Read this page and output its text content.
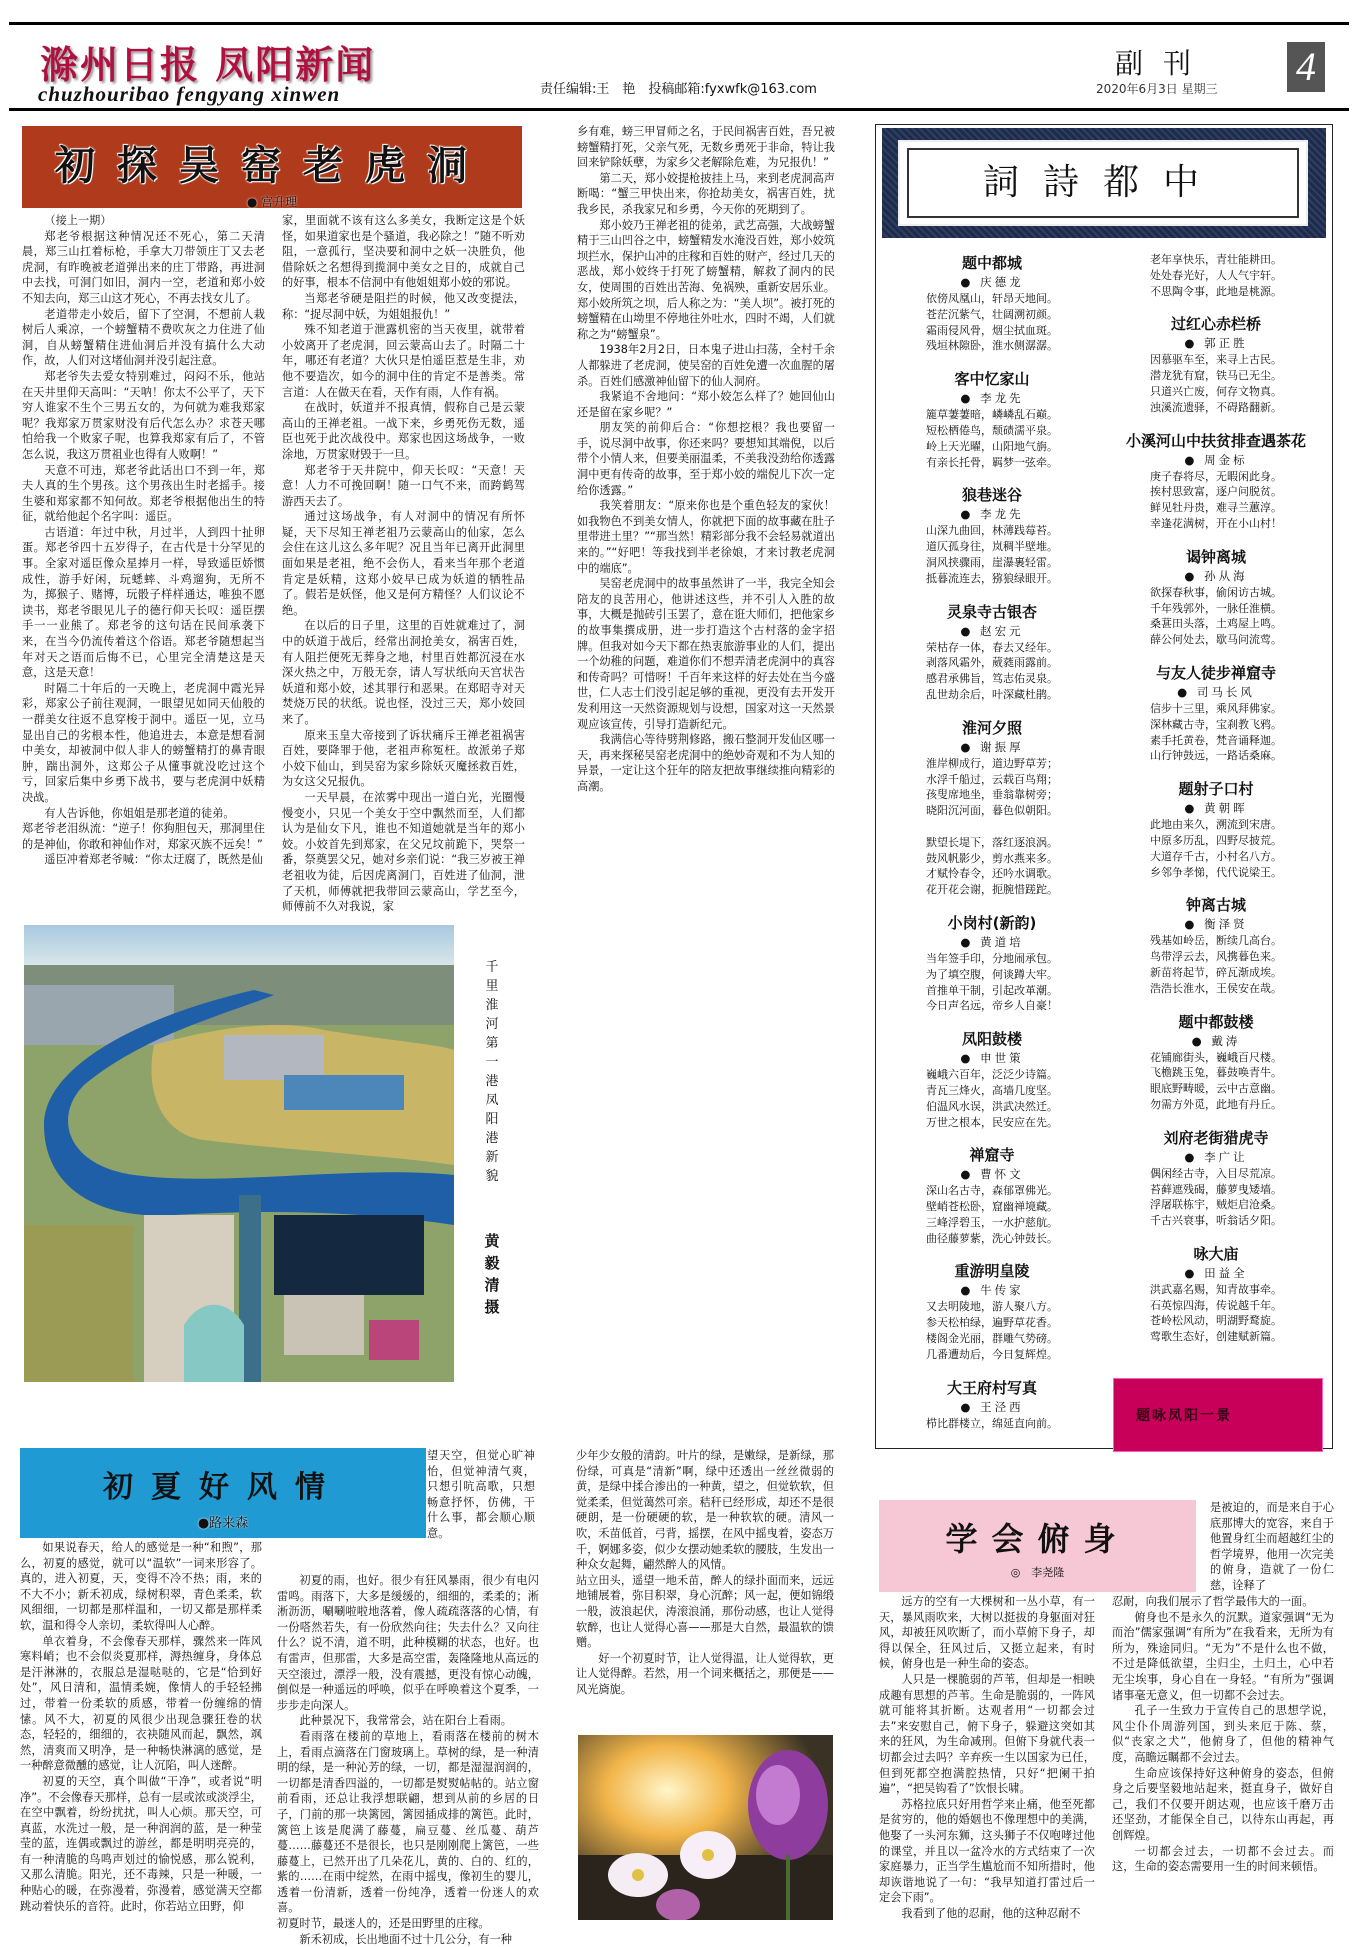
滁州日报 凤阳新闻
chuzhouribao fengyang xinwen	责任编辑:王　艳　投稿邮箱:fyxwfk@163.com
副刊
2020年6月3日 星期三 4
初探吴窑老虎洞
● 宫升理

（接上一期）

郑老爷根据这种情况还不死心，第二天清晨，郑三山扛着标枪，手拿大刀带领庄丁又去老虎洞，有昨晚被老道弹出来的庄丁带路，再进洞中去找，可洞门如旧，洞内一空，老道和郑小姣不知去向，郑三山这才死心，不再去找女儿了。

老道带走小姣后，留下了空洞，不想前人栽树后人乘凉，一个螃蟹精不费吹灰之力住进了仙洞，自从螃蟹精住进仙洞后并没有搞什么大动作，故，人们对这堵仙洞并没引起注意。

郑老爷失去爱女特别难过，闷闷不乐，他站在天井里仰天高叫：“天呐！你太不公平了，天下穷人谁家不生个三男五女的，为何就为难我郑家呢？我郑家万贯家财没有后代怎么办？求苍天哪怕给我一个败家子呢，也算我郑家有后了，不管怎么说，我这万贯祖业也得有人败啊！”

天意不可违，郑老爷此话出口不到一年，郑夫人真的生个男孩。这个男孩出生时老摇手。接生婆和郑家都不知何故。郑老爷根据他出生的特征，就给他起个名字叫：遥臣。

古语道：年过中秋，月过半，人到四十扯卵蛋。郑老爷四十五岁得子，在古代是十分罕见的事。全家对遥臣像众星捧月一样，导致遥臣娇惯成性，游手好闲，玩蟋蟀、斗鸡遛狗，无所不为，掷猴子、赌博，玩骰子样样通达，唯独不愿读书，郑老爷眼见儿子的德行仰天长叹：遥臣摆手一一业熊了。郑老爷的这句话在民间承袭下来，在当今仍流传着这个俗语。郑老爷随想起当年对天之语而后悔不已，心里完全清楚这是天意，这是天意！

时隔二十年后的一天晚上，老虎洞中霞光异彩，郑家公子前往观洞，一眼望见如同天仙般的一群美女往返不息穿梭于洞中。遥臣一见，立马显出自己的劣根本性，他追进去，本意是想看洞中美女，却被洞中似人非人的螃蟹精打的鼻青眼肿，踹出洞外，这郑公子从懂事就没吃过这个亏，回家后集中乡勇下战书，要与老虎洞中妖精决战。

有人告诉他，你姐姐是那老道的徒弟。

郑老爷老泪纵流：“逆子！你狗胆包天，那洞里住的是神仙，你敢和神仙作对，郑家灭族不远矣！”

遥臣冲着郑老爷喊：“你太迂腐了，既然是仙

家，里面就不该有这么多美女，我断定这是个妖怪，如果道家也是个骚道，我必除之！”随不听劝阻，一意孤行，坚决要和洞中之妖一决胜负，他借除妖之名想得到揽洞中美女之目的，成就自己的好事，根本不信洞中有他姐姐郑小姣的邪说。

当郑老爷硬是阻拦的时候，他又改变提法，称：“捉尽洞中妖，为姐姐报仇！”

殊不知老道于泄露机密的当天夜里，就带着小姣离开了老虎洞，回云蒙高山去了。时隔二十年，哪还有老道？大伙只是怕遥臣惹是生非，劝他不要造次，如今的洞中住的肯定不是善类。常言道：人在做天在看，天作有雨，人作有祸。

在战时，妖道并不报真情，假称自己是云蒙高山的王禅老祖。一战下来，乡勇死伤无数，遥臣也死于此次战役中。郑家也因这场战争，一败涂地，万贯家财毁于一旦。

郑老爷于天井院中，仰天长叹：“天意！天意！人力不可挽回啊！随一口气不来，而跨鹤驾游西天去了。

通过这场战争，有人对洞中的情况有所怀疑，天下尽知王禅老祖乃云蒙高山的仙家，怎么会住在这儿这么多年呢？况且当年已离开此洞里面如果是老祖，绝不会伤人，看来当年那个老道肯定是妖精，这郑小姣早已成为妖道的牺牲品了。假若是妖怪，他又是何方精怪？人们议论不绝。

在以后的日子里，这里的百姓就难过了，洞中的妖道于战后，经常出洞抢美女，祸害百姓，有人阻拦便死无葬身之地，村里百姓都沉浸在水深火热之中，万般无奈，请人写状纸向天宫状告妖道和郑小姣，述其罪行和恶果。在郑昭寺对天焚烧万民的状纸。说也怪，没过三天，郑小姣回来了。

原来玉皇大帝接到了诉状痛斥王禅老祖祸害百姓，要降罪于他，老祖声称冤枉。故派弟子郑小姣下仙山，到吴窑为家乡除妖灭魔拯救百姓，为女这父兄报仇。

一天早晨，在浓雾中现出一道白光，光圈慢慢变小，只见一个美女于空中飘然而至，人们都认为是仙女下凡，谁也不知道她就是当年的郑小姣。小姣首先到郑家，在父兄坟前跪下，哭祭一番，祭奠罢父兄，她对乡亲们说：“我三岁被王禅老祖收为徒，后因虎离洞门，百姓进了仙洞，泄了天机，师傅就把我带回云蒙高山，学艺至今，师傅前不久对我说，家

乡有难，螃三甲冒师之名，于民间祸害百姓，吾兄被螃蟹精打死，父亲气死，无数乡勇死于非命，特让我回来铲除妖孽，为家乡父老解除危难，为兄报仇！”

第二天，郑小姣提枪披挂上马，来到老虎洞高声断喝：“蟹三甲快出来，你抢劫美女，祸害百姓，扰我乡民，杀我家兄和乡勇，今天你的死期到了。

郑小姣乃王禅老祖的徒弟，武艺高强，大战螃蟹精于三山凹谷之中，螃蟹精发水淹没百姓，郑小姣筑坝拦水，保护山冲的庄稼和百姓的财产，经过几天的恶战，郑小姣终于打死了螃蟹精，解救了洞内的民女，使周围的百姓出苦海、免祸殃，重新安居乐业。郑小姣所筑之坝，后人称之为：“美人坝”。被打死的螃蟹精在山坳里不停地往外吐水，四时不竭，人们就称之为“螃蟹泉”。

1938年2月2日，日本鬼子进山扫荡，全村千余人都躲进了老虎洞，使吴窑的百姓免遭一次血腥的屠杀。百姓们感激神仙留下的仙人洞府。

我紧追不舍地问：“郑小姣怎么样了？她回仙山还是留在家乡呢？”

朋友笑的前仰后合：“你想挖根？我也要留一手，说尽洞中故事，你还来吗？要想知其端倪，以后带个小情人来，但要美丽温柔，不美我没劲给你透露洞中更有传奇的故事，至于郑小姣的端倪儿下次一定给你透露。”

我笑着朋友：“原来你也是个重色轻友的家伙！如我物色不到美女情人，你就把下面的故事藏在肚子里带进土里？”“那当然！精彩部分我不会轻易就道出来的。”“好吧！等我找到半老徐娘，才来讨教老虎洞中的端底”。

吴窑老虎洞中的故事虽然讲了一半，我完全知会陪友的良苦用心，他讲述这些，并不引人入胜的故事，大概是抛砖引玉罢了，意在诳大师们，把他家乡的故事集撰成册，进一步打造这个古村落的金字招牌。但我对如今天下都在热衷旅游事业的人们，提出一个幼稚的问题，难道你们不想弄清老虎洞中的真容和传奇吗？可惜呀！千百年来这样的好去处在当今盛世，仁人志士们没引起足够的重视，更没有去开发开发利用这一天然资源规划与设想，国家对这一天然景观应该宣传，引导打造新纪元。

我满信心等待劈荆修路，搬石整洞开发仙区哪一天，再来探秘吴窑老虎洞中的绝妙奇观和不为人知的异景，一定让这个狂年的陪友把故事继续推向精彩的高潮。

千里淮河第一港凤阳港新貌
黄毅清 摄
詞詩都中
题中都城
● 庆德龙
依傍凤凰山，轩昂天地间。
苍茫沉紫气，壮阔溯初颜。
霜雨侵风骨，烟尘拭血斑。
残垣林隙卧，淮水侧潺潺。
客中忆家山
● 李龙先
簏草萋萋暗，嶙嶙乱石巅。
短松栖倦鸟，颓碛濡平泉。
岭上天光曜，山阳地气旃。
有亲长托骨，羁梦一弦牵。
狼巷迷谷
● 李龙先
山深九曲回，林薄践莓苔。
道仄孤身往，岚稠半壁堆。
洞风挟骤雨，崖瀑裹轻雷。
抵暮流连去，猕狼绿眼开。
灵泉寺古银杏
● 赵宏元
荣枯存一体，春去又经年。
剥落风霜外，葳蕤雨露前。
感君承佛旨，笃志佑灵泉。
乱世劫余后，叶深藏杜鹃。
淮河夕照
● 谢振厚
淮岸柳成行，道边野草芳；
水浮千船过，云载百鸟翔；
孩叟席地坐，垂翁靠树旁；
晓阳沉河面，暮色似朝阳。

默望长堤下，落红逐浪涡。
鼓风帆影少，剪水燕来多。
才赋怜春令，还吟水调歌。
花开花会谢，扼腕惜蹉跎。
小岗村(新韵)
● 黄道培
当年签手印，分地闹承包。
为了填空腹，何谈蹲大牢。
首推单干制，引起改革潮。
今日声名远，帝乡人自豪！
凤阳鼓楼
● 申世策
巍峨六百年，泛泛少诗篇。
青瓦三烽火，高墙几度坚。
伯温风水误，洪武决然迁。
万世之根本，民安应在先。
禅窟寺
● 曹怀文
深山名古寺，森郁罩佛光。
壁峭苍松卧，窟幽禅境藏。
三峰浮碧玉，一水护慈航。
曲径藤萝紫，洗心钟鼓长。
重游明皇陵
● 牛传家
又去明陵地，游人聚八方。
参天松柏绿，遍野草花香。
楼阁金光丽，群雕气势磅。
几番遭劫后，今日复辉煌。
大王府村写真
● 王泾西
栉比群楼立，绵延直向前。
老年享快乐，青壮能耕田。
处处春光好，人人气宇轩。
不思陶令事，此地是桃源。
过红心赤栏桥
● 郭正胜
因慕驱车至，来寻上古民。
潜龙犹有窟，铁马已无尘。
只道兴亡废，何存文物真。
浊溪流遗驿，不碍路翻新。
小溪河山中扶贫排查遇茶花
● 周金标
庚子春将尽，无暇闲此身。
挨村思致富，逐户问脱贫。
鲜见牡丹贵，难寻兰蕙淳。
幸逢花满树，开在小山村！
谒钟离城
● 孙从海
欲探春秋事，偷闲访古城。
千年残郭外，一脉任淮横。
桑葚田头落，土鸡屋上鸣。
薛公何处去，歇马问流莺。
与友人徒步禅窟寺
● 司马长风
信步十三里，乘风拜佛家。
深林藏古寺，宝刹教飞鸦。
素手托黄卷，梵音诵释迦。
山行钟鼓远，一路话桑麻。
题射子口村
● 黄朝晖
此地由来久，溯流到宋唐。
中原多历乱，四野尽披荒。
大道存千古，小村名八方。
乡邻争孝悌，代代说梁王。
钟离古城
● 衡泽贤
残基如岭岳，断续几高台。
鸟带浮云去，风携暮色来。
新苗将起节，碎瓦渐成埃。
浩浩长淮水，王侯安在哉。
题中都鼓楼
● 戴涛
花铺廊街头，巍峨百尺楼。
飞檐跳玉兔，暮鼓唤青牛。
眼底野畴暖，云中古意幽。
勿需方外觅，此地有丹丘。
刘府老街猎虎寺
● 李广让
偶闲经古寺，入目尽荒凉。
苔藓遮残碣，藤萝曳矮墙。
浮屠联栋宇，贼炬启沧桑。
千古兴衰事，听翁话夕阳。
咏大庙
● 田益全
洪武嘉名赐，知青故事牵。
石英惊四海，传说越千年。
苍岭松风动，明湖野鹜旋。
莺歌生态好，创建赋新篇。
题咏凤阳一景
初夏好风情
●路来森
望天空，但觉心旷神怡，但觉神清气爽，只想引吭高歌，只想畅意抒怀，仿佛，干什么事，都会顺心顺意。

如果说春天，给人的感觉是一种“和煦”，那么，初夏的感觉，就可以“温软”一词来形容了。真的，进入初夏，天，变得不冷不热；雨，来的不大不小；新禾初成，绿树积翠，青色柔柔，软风细细，一切都是那样温和，一切又都是那样柔软，温和得令人亲切，柔软得叫人心醉。

单衣着身，不会像春天那样，骤然来一阵风寒料峭；也不会似炎夏那样，溽热缠身，身体总是汗淋淋的，衣服总是湿哒哒的，它是“恰到好处”，风日清和，温情柔婉，像情人的手轻轻拂过，带着一份柔软的质感，带着一份缠绵的情愫。风不大，初夏的风很少出现急骤狂卷的状态，轻轻的，细细的，衣袂随风而起，飘然，飒然，清爽而又明净，是一种畅快淋漓的感觉，是一种醉意微醺的感觉，让人沉陷，叫人迷醉。

初夏的天空，真个叫做“干净”，或者说“明净”。不会像春天那样，总有一层或浓或淡浮尘，在空中飘着，纷纷扰扰，叫人心烦。那天空，可真蓝，水洗过一般，是一种润润的蓝，是一种莹莹的蓝，连偶或飘过的游丝，都是明明亮亮的，有一种清脆的鸟鸣声划过的愉悦感，那么锐利，又那么清脆。阳光，还不毒辣，只是一种暖，一种贴心的暖，在弥漫着，弥漫着，感觉满天空都跳动着快乐的音符。此时，你若站立田野，仰

初夏的雨，也好。很少有狂风暴雨，很少有电闪雷鸣。雨落下，大多是缓缓的，细细的，柔柔的；淅淅沥沥，唰唰啦啦地落着，像人疏疏落落的心情，有一份嗒然若失，有一份欣然向往；失去什么？又向往什么？说不清，道不明，此种模糊的状态，也好。也有雷声，但那雷，大多是高空雷，轰隆隆地从高远的天空滚过，漂浮一般，没有震撼，更没有惊心动魄，倒似是一种遥远的呼唤，似乎在呼唤着这个夏季，一步步走向深人。

此种景况下，我常常会，站在阳台上看雨。

看雨落在楼前的草地上，看雨落在楼前的树木上，看雨点滴落在门窗玻璃上。草树的绿，是一种清明的绿，是一种沁芳的绿，一切，都是湿湿润润的，一切都是清香四溢的，一切都是熨熨帖帖的。站立窗前看雨，还总让我浮想联翩，想到从前的乡居的日子，门前的那一块篱园，篱园插成排的篱笆。此时，篱笆上该是爬满了藤蔓，扁豆蔓、丝瓜蔓、葫芦蔓……藤蔓还不是很长，也只是刚刚爬上篱笆，一些藤蔓上，已然开出了几朵花儿，黄的、白的、红的，紫的……在雨中绽然，在雨中摇曳，像初生的婴儿，透着一份清新，透着一份纯净，透着一份迷人的欢喜。

初夏时节，最迷人的，还是田野里的庄稼。

新禾初成，长出地面不过十几公分，有一种

少年少女般的清韵。叶片的绿，是嫩绿，是新绿，那份绿，可真是“清新”啊，绿中还透出一丝丝微弱的黄，是绿中揉合渗出的一种黄，望之，但觉软软，但觉柔柔，但觉蔼然可亲。秸秆已经形成，却还不是很硬朗，是一份硬硬的软，是一种软软的硬。清风一吹，禾苗低首，弓背，摇摆，在风中摇曳着，姿态万千，婀娜多姿，似少女摆动她柔软的腰肢，生发出一种众女起舞，翩然醉人的风情。

站立田头，遥望一地禾苗，醉人的绿扑面而来，远远地铺展着，弥目积翠，身心沉醉；风一起，便如锦缎一般，波浪起伏，涛滚浪涌，那份动感，也让人觉得软醉，也让人觉得心喜——那是大自然，最温软的馈赠。

好一个初夏时节，让人觉得温，让人觉得软，更让人觉得醉。若然，用一个词来概括之，那便是——风光旖旎。

学会俯身
◎　李尧隆
是被迫的，而是来自于心底那博大的宽容，来自于他置身红尘而超越红尘的哲学境界，他用一次完美的俯身，造就了一份仁慈，诠释了

远方的空有一大棵树和一丛小草，有一天，暴风雨吹来，大树以挺拔的身躯面对狂风，却被狂风吹断了，而小草俯下身子，却得以保全，狂风过后，又挺立起来，有时候，俯身也是一种生命的姿态。

人只是一棵脆弱的芦苇，但却是一相映成趣有思想的芦苇。生命是脆弱的，一阵风就可能将其折断。达观者用“一切都会过去”来安慰自己，俯下身子，躲避这突如其来的狂风，为生命减刑。但俯下身就代表一切都会过去吗？辛弃疾一生以国家为已任，但到死都空抱满腔热情，只好“把阑干拍遍”，“把吴钩看了”饮恨长啸。

苏格拉底只好用哲学来止痛，他至死都是贫穷的，他的婚姻也不像理想中的美满，他娶了一头河东狮，这头狮子不仅咆哮过他的课堂，并且以一盆冷水的方式结束了一次家庭暴力，正当学生尴尬而不知所措时，他却诙谐地说了一句：“我早知道打雷过后一定会下雨”。

我看到了他的忍耐，他的这种忍耐不

忍耐，向我们展示了哲学最伟大的一面。

俯身也不是永久的沉默。道家强调“无为而治”儒家强调“有所为”在我看来，无所为有所为，殊途同归。“无为”不是什么也不做，不过是降低欲望，尘归尘，土归土，心中若无尘埃事，身心自在一身轻。“有所为”强调诸事毫无意义，但一切都不会过去。

孔子一生致力于宣传自己的思想学说，风尘仆仆周游列国，到头来厄于陈、蔡，似“丧家之犬”，他俯身了，但他的精神气度，高瞻远瞩都不会过去。

生命应该保持好这种俯身的姿态，但俯身之后要坚毅地站起来，挺直身子，做好自己，我们不仅要开朗达观，也应该千磨万击还坚劲，才能保全自己，以待东山再起，再创辉煌。

一切都会过去，一切都不会过去。而这，生命的姿态需要用一生的时间来顿悟。
